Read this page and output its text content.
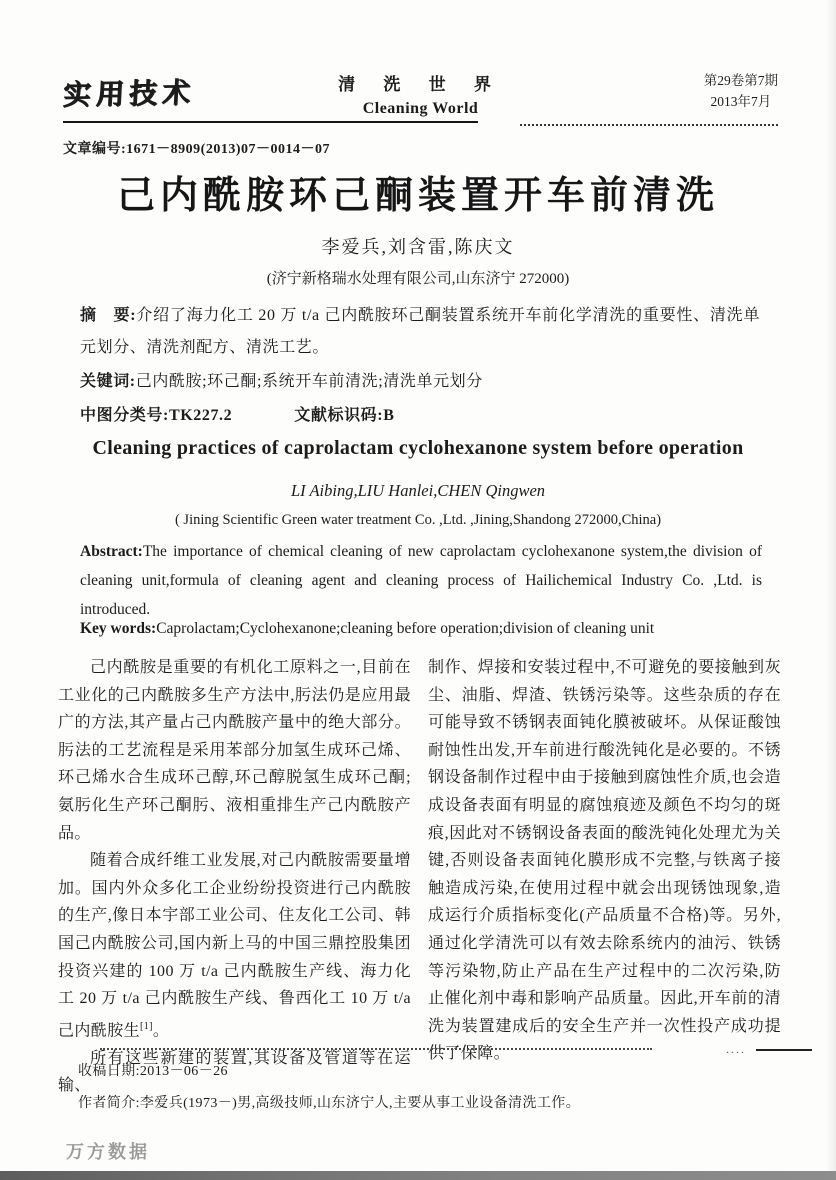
实用技术	清 洗 世 界
Cleaning World
第29卷第7期
2013年7月
文章编号:1671－8909(2013)07－0014－07
己内酰胺环己酮装置开车前清洗
李爱兵,刘含雷,陈庆文
(济宁新格瑞水处理有限公司,山东济宁 272000)

摘　要:介绍了海力化工 20 万 t/a 己内酰胺环己酮装置系统开车前化学清洗的重要性、清洗单元划分、清洗剂配方、清洗工艺。

关键词:己内酰胺;环己酮;系统开车前清洗;清洗单元划分

中图分类号:TK227.2	文献标识码:B

Cleaning practices of caprolactam cyclohexanone system before operation
LI Aibing,LIU Hanlei,CHEN Qingwen
( Jining Scientific Green water treatment Co. ,Ltd. ,Jining,Shandong 272000,China)
Abstract:The importance of chemical cleaning of new caprolactam cyclohexanone system,the division of cleaning unit,formula of cleaning agent and cleaning process of Hailichemical Industry Co. ,Ltd. is introduced.
Key words:Caprolactam;Cyclohexanone;cleaning before operation;division of cleaning unit

己内酰胺是重要的有机化工原料之一,目前在工业化的己内酰胺多生产方法中,肟法仍是应用最广的方法,其产量占己内酰胺产量中的绝大部分。肟法的工艺流程是采用苯部分加氢生成环己烯、环己烯水合生成环己醇,环己醇脱氢生成环己酮;氨肟化生产环己酮肟、液相重排生产己内酰胺产品。

随着合成纤维工业发展,对己内酰胺需要量增加。国内外众多化工企业纷纷投资进行己内酰胺的生产,像日本宇部工业公司、住友化工公司、韩国己内酰胺公司,国内新上马的中国三鼎控股集团投资兴建的 100 万 t/a 己内酰胺生产线、海力化工 20 万 t/a 己内酰胺生产线、鲁西化工 10 万 t/a 己内酰胺生[1]。

所有这些新建的装置,其设备及管道等在运输、

制作、焊接和安装过程中,不可避免的要接触到灰尘、油脂、焊渣、铁锈污染等。这些杂质的存在可能导致不锈钢表面钝化膜被破坏。从保证酸蚀耐蚀性出发,开车前进行酸洗钝化是必要的。不锈钢设备制作过程中由于接触到腐蚀性介质,也会造成设备表面有明显的腐蚀痕迹及颜色不均匀的斑痕,因此对不锈钢设备表面的酸洗钝化处理尤为关键,否则设备表面钝化膜形成不完整,与铁离子接触造成污染,在使用过程中就会出现锈蚀现象,造成运行介质指标变化(产品质量不合格)等。另外,通过化学清洗可以有效去除系统内的油污、铁锈等污染物,防止产品在生产过程中的二次污染,防止催化剂中毒和影响产品质量。因此,开车前的清洗为装置建成后的安全生产并一次性投产成功提供了保障。	....
收稿日期:2013－06－26
作者简介:李爱兵(1973－)男,高级技师,山东济宁人,主要从事工业设备清洗工作。
万方数据
